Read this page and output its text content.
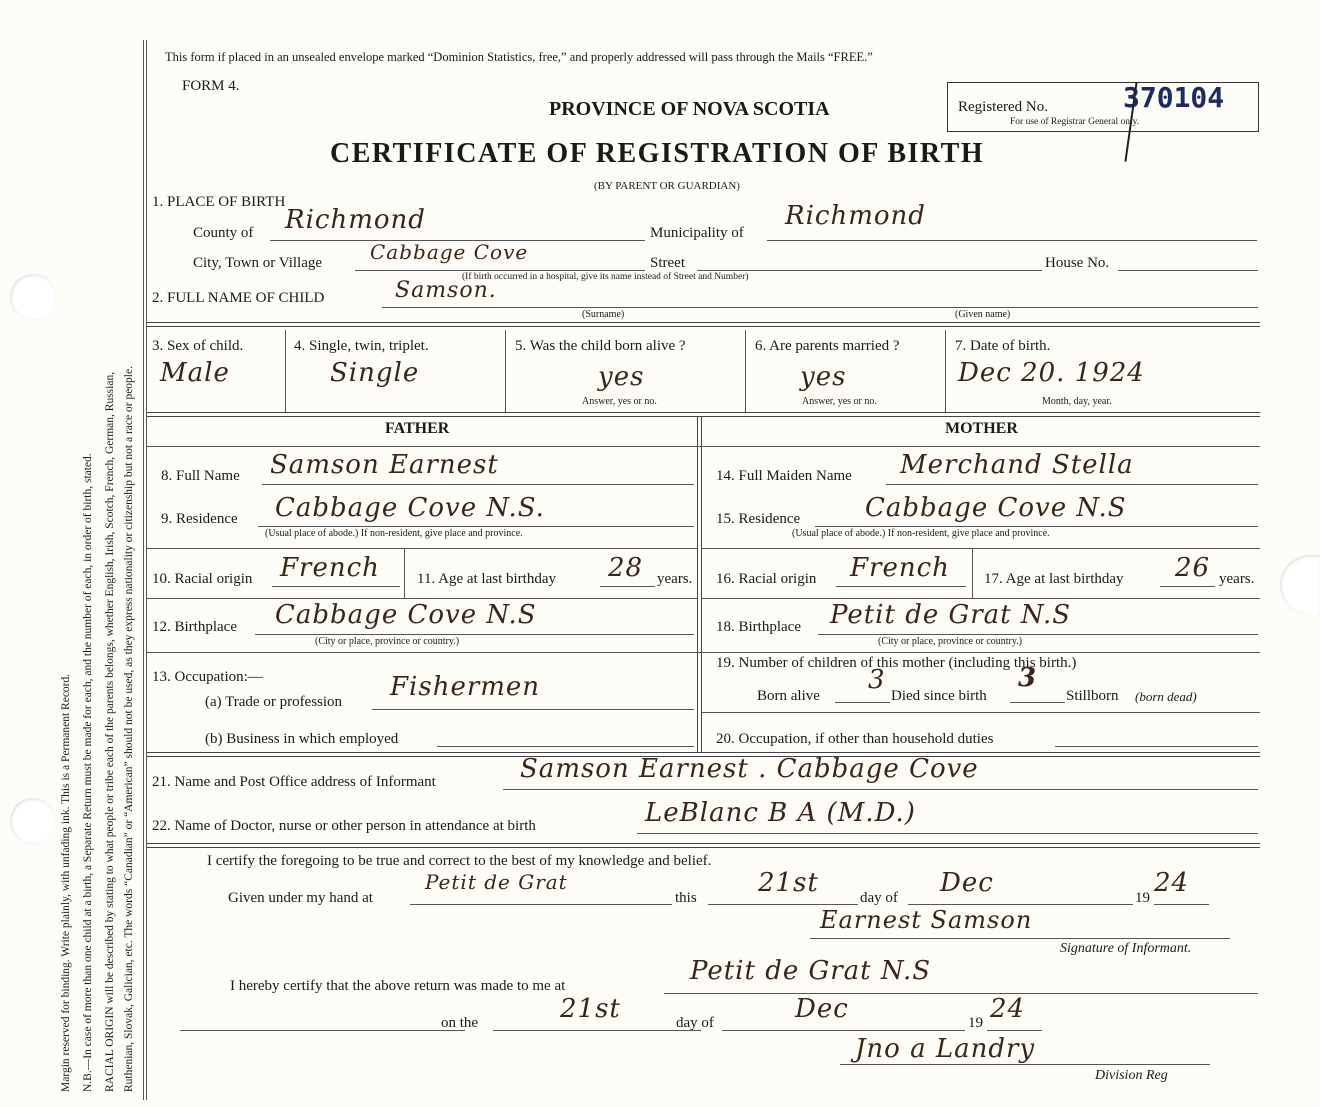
Margin reserved for binding. Write plainly, with unfading ink. This is a Permanent Record. N.B.—In case of more than one child at a birth, a Separate Return must be made for each, and the number of each, in order of birth, stated. RACIAL ORIGIN will be described by stating to what people or tribe each of the parents belongs, whether English, Irish, Scotch, French, German, Russian, Ruthenian, Slovak, Galician, etc. The words “Canadian” or “American” should not be used, as they express nationality or citizenship but not a race or people.
This form if placed in an unsealed envelope marked “Dominion Statistics, free,” and properly addressed will pass through the Mails “FREE.”
FORM 4.
PROVINCE OF NOVA SCOTIA
CERTIFICATE OF REGISTRATION OF BIRTH
(BY PARENT OR GUARDIAN)
Registered No.	370104
For use of Registrar General only.
1. PLACE OF BIRTH
County of Richmond	Municipality of
Richmond
City, Town or Village Cabbage Cove	Street	House No.
(If birth occurred in a hospital, give its name instead of Street and Number)
2. FULL NAME OF CHILD	Samson.
(Surname)	(Given name)
3. Sex of child.
Male
4. Single, twin, triplet.
Single
5. Was the child born alive ?
yes
Answer, yes or no.
6. Are parents married ?
yes
Answer, yes or no.
7. Date of birth.
Dec 20. 1924
Month, day, year.
FATHER	MOTHER
8. Full Name Samson Earnest
9. Residence Cabbage Cove N.S.
(Usual place of abode.) If non-resident, give place and province.
10. Racial origin French 11. Age at last birthday 28 years.
12. Birthplace Cabbage Cove N.S
(City or place, province or country.)
13. Occupation:—
(a) Trade or profession Fishermen
(b) Business in which employed
14. Full Maiden Name Merchand Stella
15. Residence Cabbage Cove N.S
(Usual place of abode.) If non-resident, give place and province.
16. Racial origin French 17. Age at last birthday 26 years.
18. Birthplace Petit de Grat N.S
(City or place, province or country.)
19. Number of children of this mother (including this birth.)
Born alive
3
Died since birth
3
Stillborn (born dead)
20. Occupation, if other than household duties
21. Name and Post Office address of Informant	Samson Earnest . Cabbage Cove
22. Name of Doctor, nurse or other person in attendance at birth	LeBlanc B A (M.D.)
I certify the foregoing to be true and correct to the best of my knowledge and belief.
Given under my hand at
Petit de Grat
this 21st	day of Dec	19 24
Earnest Samson
Signature of Informant.
I hereby certify that the above return was made to me at	Petit de Grat N.S
on the	21st	day of	Dec	19 24
Jno a Landry
Division Reg
